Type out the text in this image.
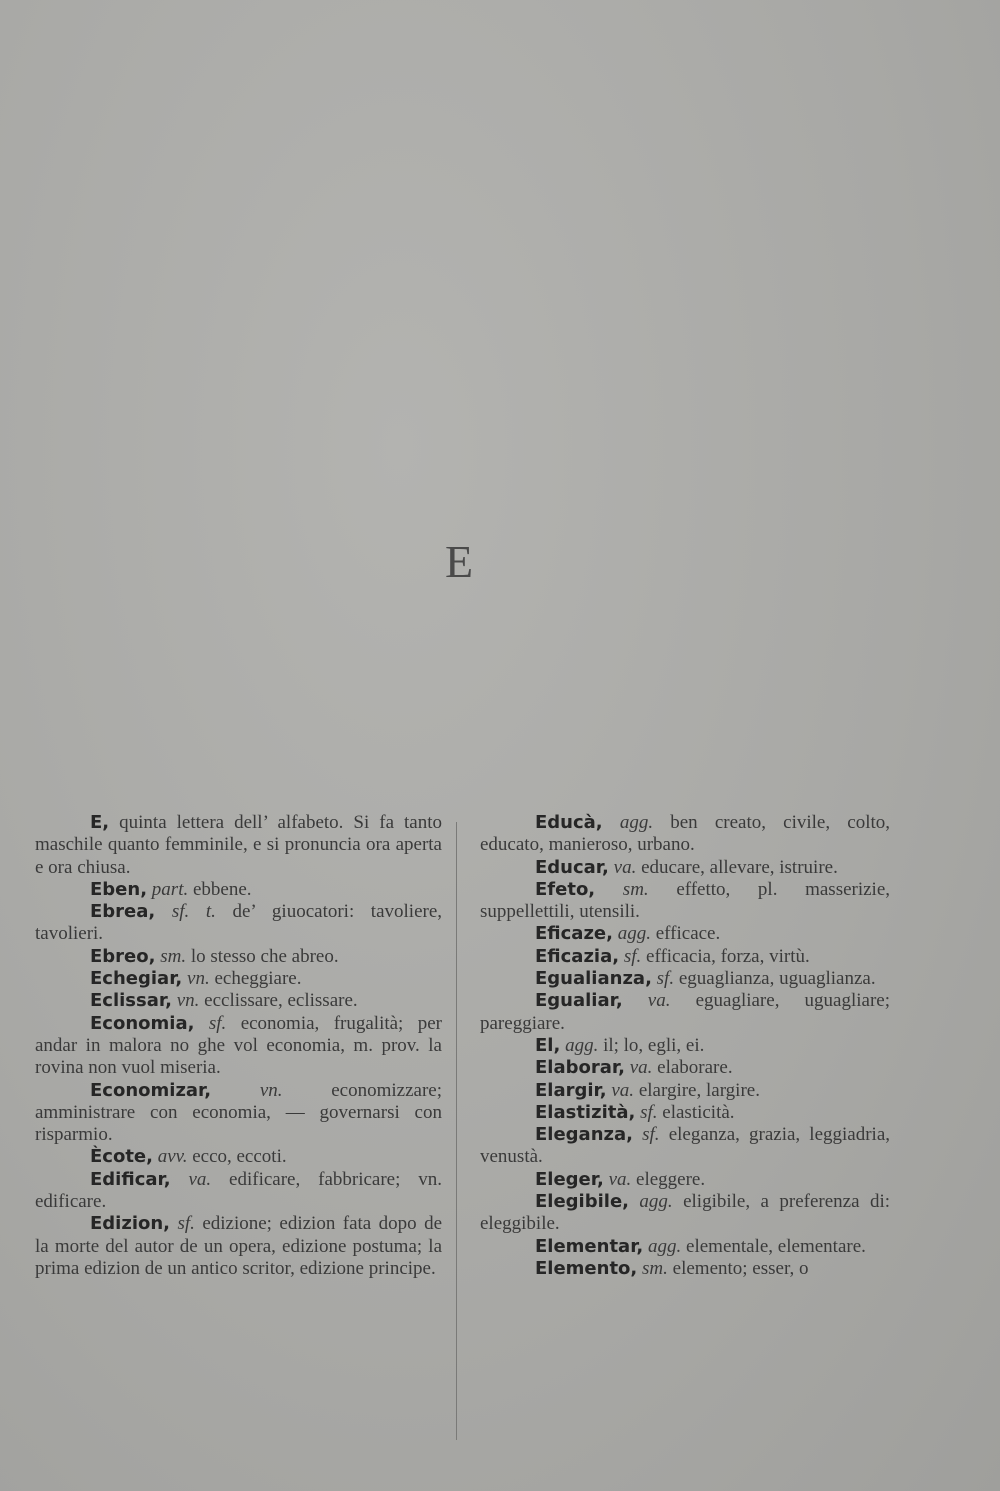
E

E, quinta lettera dell’ alfabeto. Si fa tanto maschile quanto femminile, e si pronuncia ora aperta e ora chiusa.

Eben, part. ebbene.

Ebrea, sf. t. de’ giuocatori: tavoliere, tavolieri.

Ebreo, sm. lo stesso che abreo.

Echegiar, vn. echeggiare.

Eclissar, vn. ecclissare, eclissare.

Economia, sf. economia, frugalità; per andar in malora no ghe vol economia, m. prov. la rovina non vuol miseria.

Economizar,	vn.	economizzare; amministrare con economia, — governarsi con risparmio.

Ècote, avv. ecco, eccoti.

Edificar, va. edificare, fabbricare; vn. edificare.

Edizion, sf. edizione; edizion fata dopo de la morte del autor de un opera, edizione postuma; la prima edizion de un antico scritor, edizione principe.

Educà, agg. ben creato, civile, colto, educato, manieroso, urbano.

Educar, va. educare, allevare, istruire.

Efeto, sm. effetto, pl. masserizie, suppellettili, utensili.

Eficaze, agg. efficace.

Eficazia, sf. efficacia, forza, virtù.

Egualianza, sf. eguaglianza, uguaglianza.

Egualiar, va. eguagliare, uguagliare; pareggiare.

El, agg. il; lo, egli, ei.

Elaborar, va. elaborare.

Elargir, va. elargire, largire.

Elastizità, sf. elasticità.

Eleganza, sf. eleganza, grazia, leggiadria, venustà.

Eleger, va. eleggere.

Elegibile, agg. eligibile, a preferenza di: eleggibile.

Elementar, agg. elementale, elementare.

Elemento, sm. elemento; esser, o
